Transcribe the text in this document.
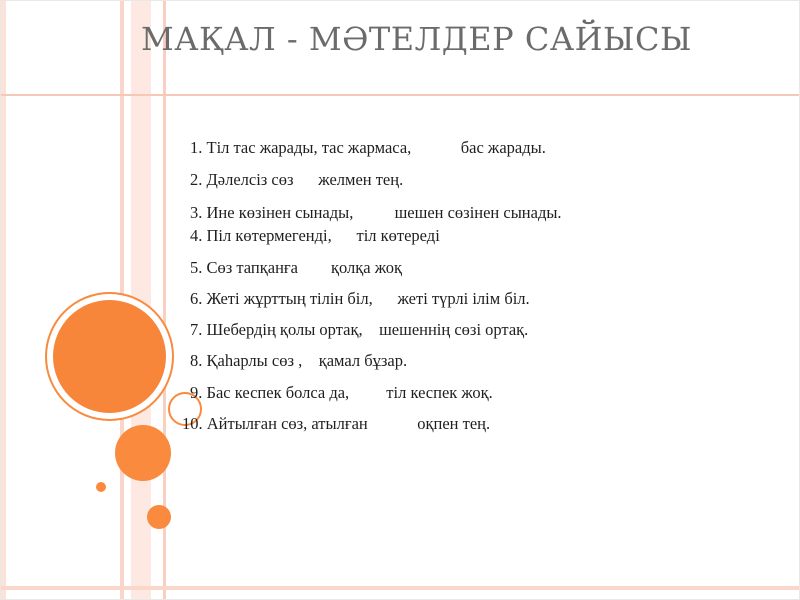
МАҚАЛ - МӘТЕЛДЕР САЙЫСЫ
1. Тіл тас жарады, тас жармаса,            бас жарады.
2. Дәлелсіз сөз      желмен тең.
3. Ине көзінен сынады,          шешен сөзінен сынады.
4. Піл көтермегенді,      тіл көтереді
5. Сөз тапқанға        қолқа жоқ
6. Жеті жұрттың тілін біл,      жеті түрлі ілім біл.
7. Шебердің қолы ортақ,    шешеннің сөзі ортақ.
8. Қаһарлы сөз ,    қамал бұзар.
9. Бас кеспек болса да,         тіл кеспек жоқ.
10. Айтылған сөз, атылған            оқпен тең.
